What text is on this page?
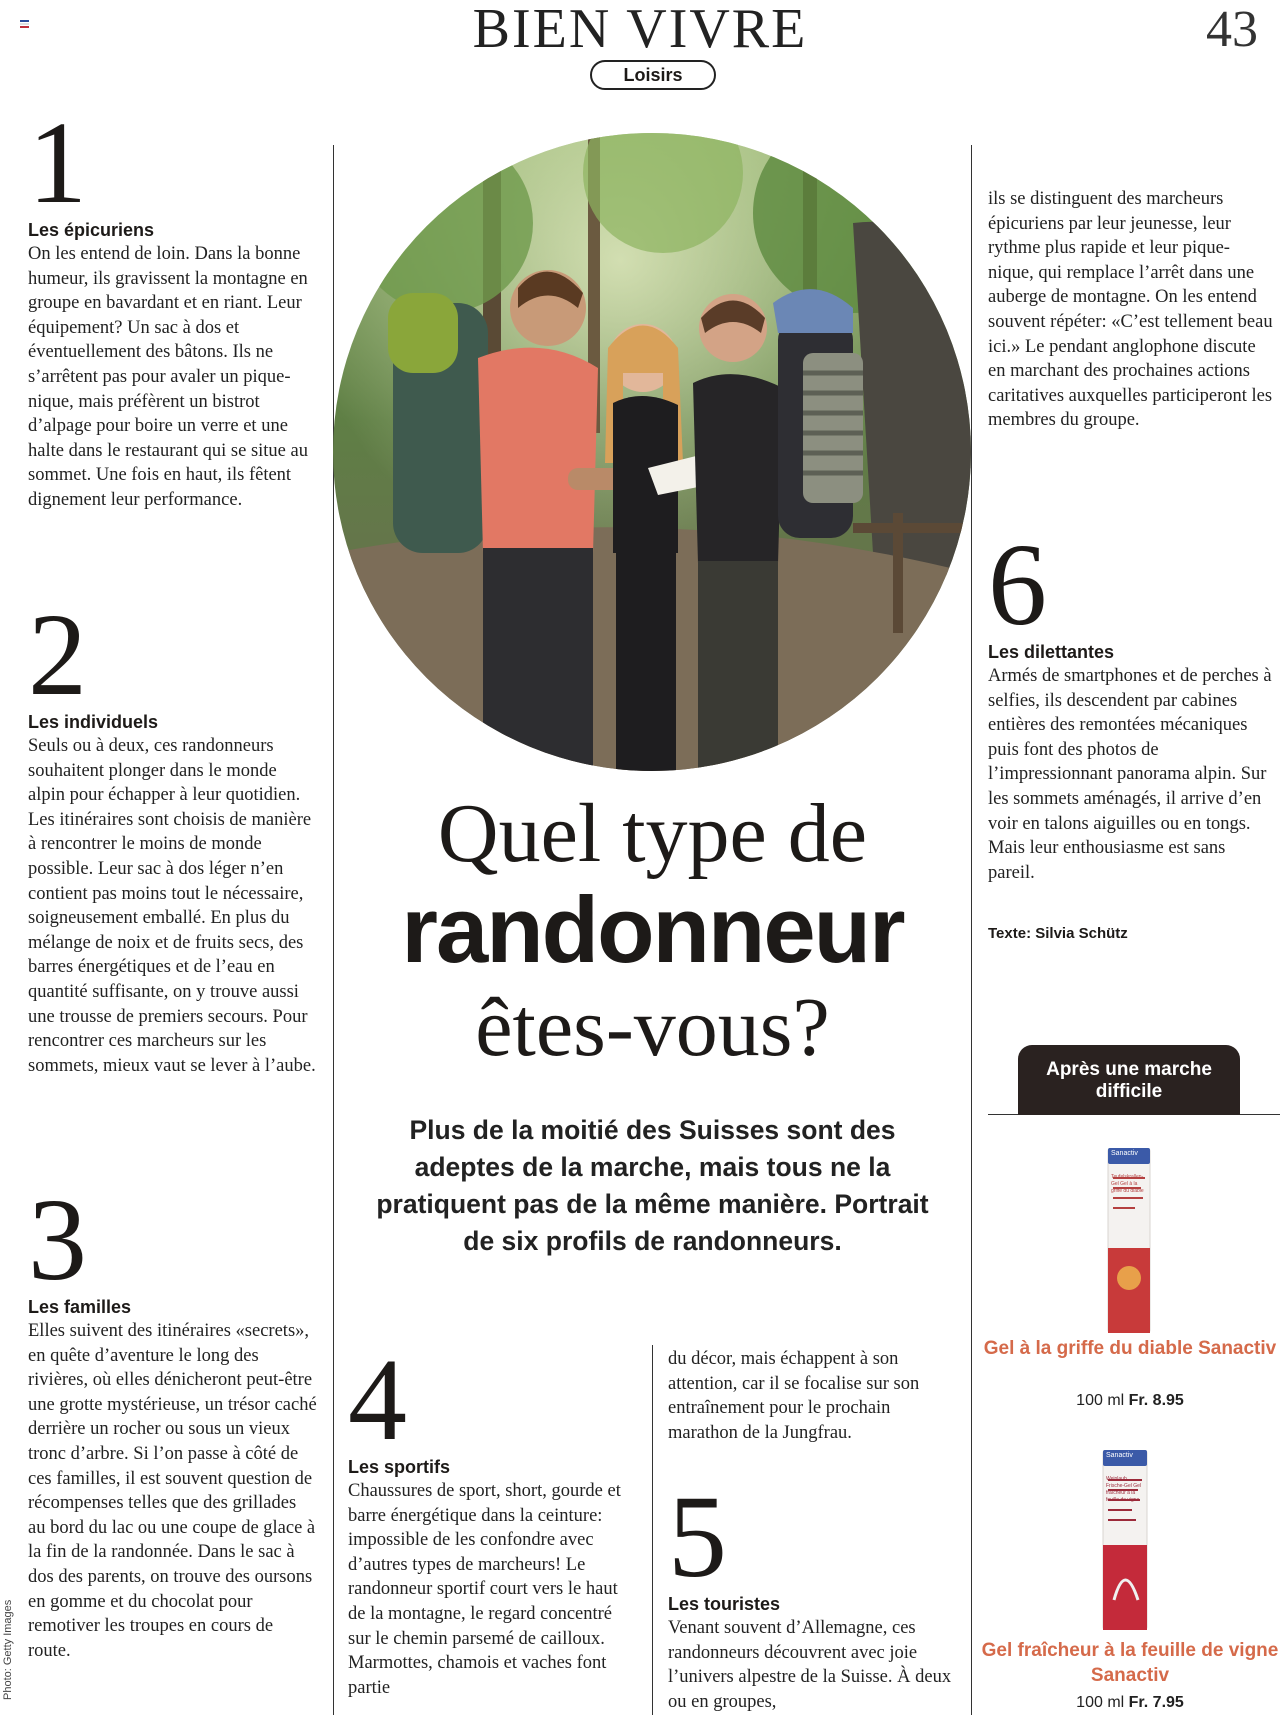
BIEN VIVRE	43
Loisirs
1
Les épicuriens
On les entend de loin. Dans la bonne humeur, ils gravissent la montagne en groupe en bavardant et en riant. Leur équipement? Un sac à dos et éventuellement des bâtons. Ils ne s’arrêtent pas pour avaler un pique-nique, mais préfèrent un bistrot d’alpage pour boire un verre et une halte dans le restaurant qui se situe au sommet. Une fois en haut, ils fêtent dignement leur performance.
2
Les individuels
Seuls ou à deux, ces randonneurs souhaitent plonger dans le monde alpin pour échapper à leur quotidien. Les itinéraires sont choisis de manière à rencontrer le moins de monde possible. Leur sac à dos léger n’en contient pas moins tout le nécessaire, soigneusement emballé. En plus du mélange de noix et de fruits secs, des barres énergétiques et de l’eau en quantité suffisante, on y trouve aussi une trousse de premiers secours. Pour rencontrer ces marcheurs sur les sommets, mieux vaut se lever à l’aube.
3
Les familles
Elles suivent des itinéraires «secrets», en quête d’aventure le long des rivières, où elles dénicheront peut-être une grotte mystérieuse, un trésor caché derrière un rocher ou sous un vieux tronc d’arbre. Si l’on passe à côté de ces familles, il est souvent question de récompenses telles que des grillades au bord du lac ou une coupe de glace à la fin de la randonnée. Dans le sac à dos des parents, on trouve des oursons en gomme et du chocolat pour remotiver les troupes en cours de route.
Quel type de
randonneur
êtes-vous?
Plus de la moitié des Suisses sont des adeptes de la marche, mais tous ne la pratiquent pas de la même manière. Portrait de six profils de randonneurs.
4
Les sportifs
Chaussures de sport, short, gourde et barre énergétique dans la ceinture: impossible de les confondre avec d’autres types de marcheurs! Le randonneur sportif court vers le haut de la montagne, le regard concentré sur le chemin parsemé de cailloux. Marmottes, chamois et vaches font partie
du décor, mais échappent à son attention, car il se focalise sur son entraînement pour le prochain marathon de la Jungfrau.
5
Les touristes
Venant souvent d’Allemagne, ces randonneurs découvrent avec joie l’univers alpestre de la Suisse. À deux ou en groupes,
ils se distinguent des marcheurs épicuriens par leur jeunesse, leur rythme plus rapide et leur pique-nique, qui remplace l’arrêt dans une auberge de montagne. On les entend souvent répéter: «C’est tellement beau ici.» Le pendant anglophone discute en marchant des prochaines actions caritatives auxquelles participeront les membres du groupe.
6
Les dilettantes
Armés de smartphones et de perches à selfies, ils descendent par cabines entières des remontées mécaniques puis font des photos de l’impressionnant panorama alpin. Sur les sommets aménagés, il arrive d’en voir en talons aiguilles ou en tongs. Mais leur enthousiasme est sans pareil.
Texte: Silvia Schütz
Après une marche difficile
Sanactiv
Teufelskrallen-Gel Gel à la griffe du diable
Gel à la griffe du diable Sanactiv
100 ml Fr. 8.95
Sanactiv
Weinlaub Frische-Gel Gel fraîcheur à la feuille de vigne
Gel fraîcheur à la feuille de vigne Sanactiv
100 ml Fr. 7.95
Photo: Getty Images
